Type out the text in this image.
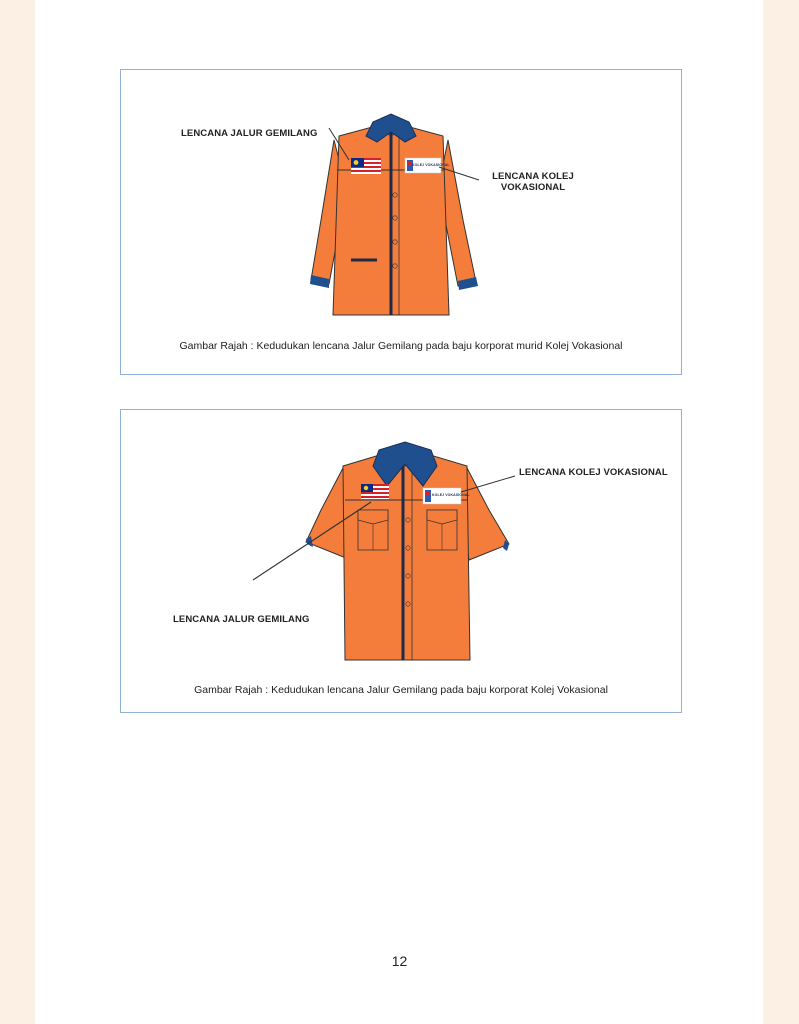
LENCANA JALUR GEMILANG
LENCANA KOLEJ VOKASIONAL
KOLEJ VOKASIONAL
Gambar Rajah : Kedudukan lencana Jalur Gemilang pada baju korporat murid Kolej Vokasional
LENCANA KOLEJ VOKASIONAL
LENCANA JALUR GEMILANG
KOLEJ VOKASIONAL
Gambar Rajah : Kedudukan lencana Jalur Gemilang pada baju korporat Kolej Vokasional
12
